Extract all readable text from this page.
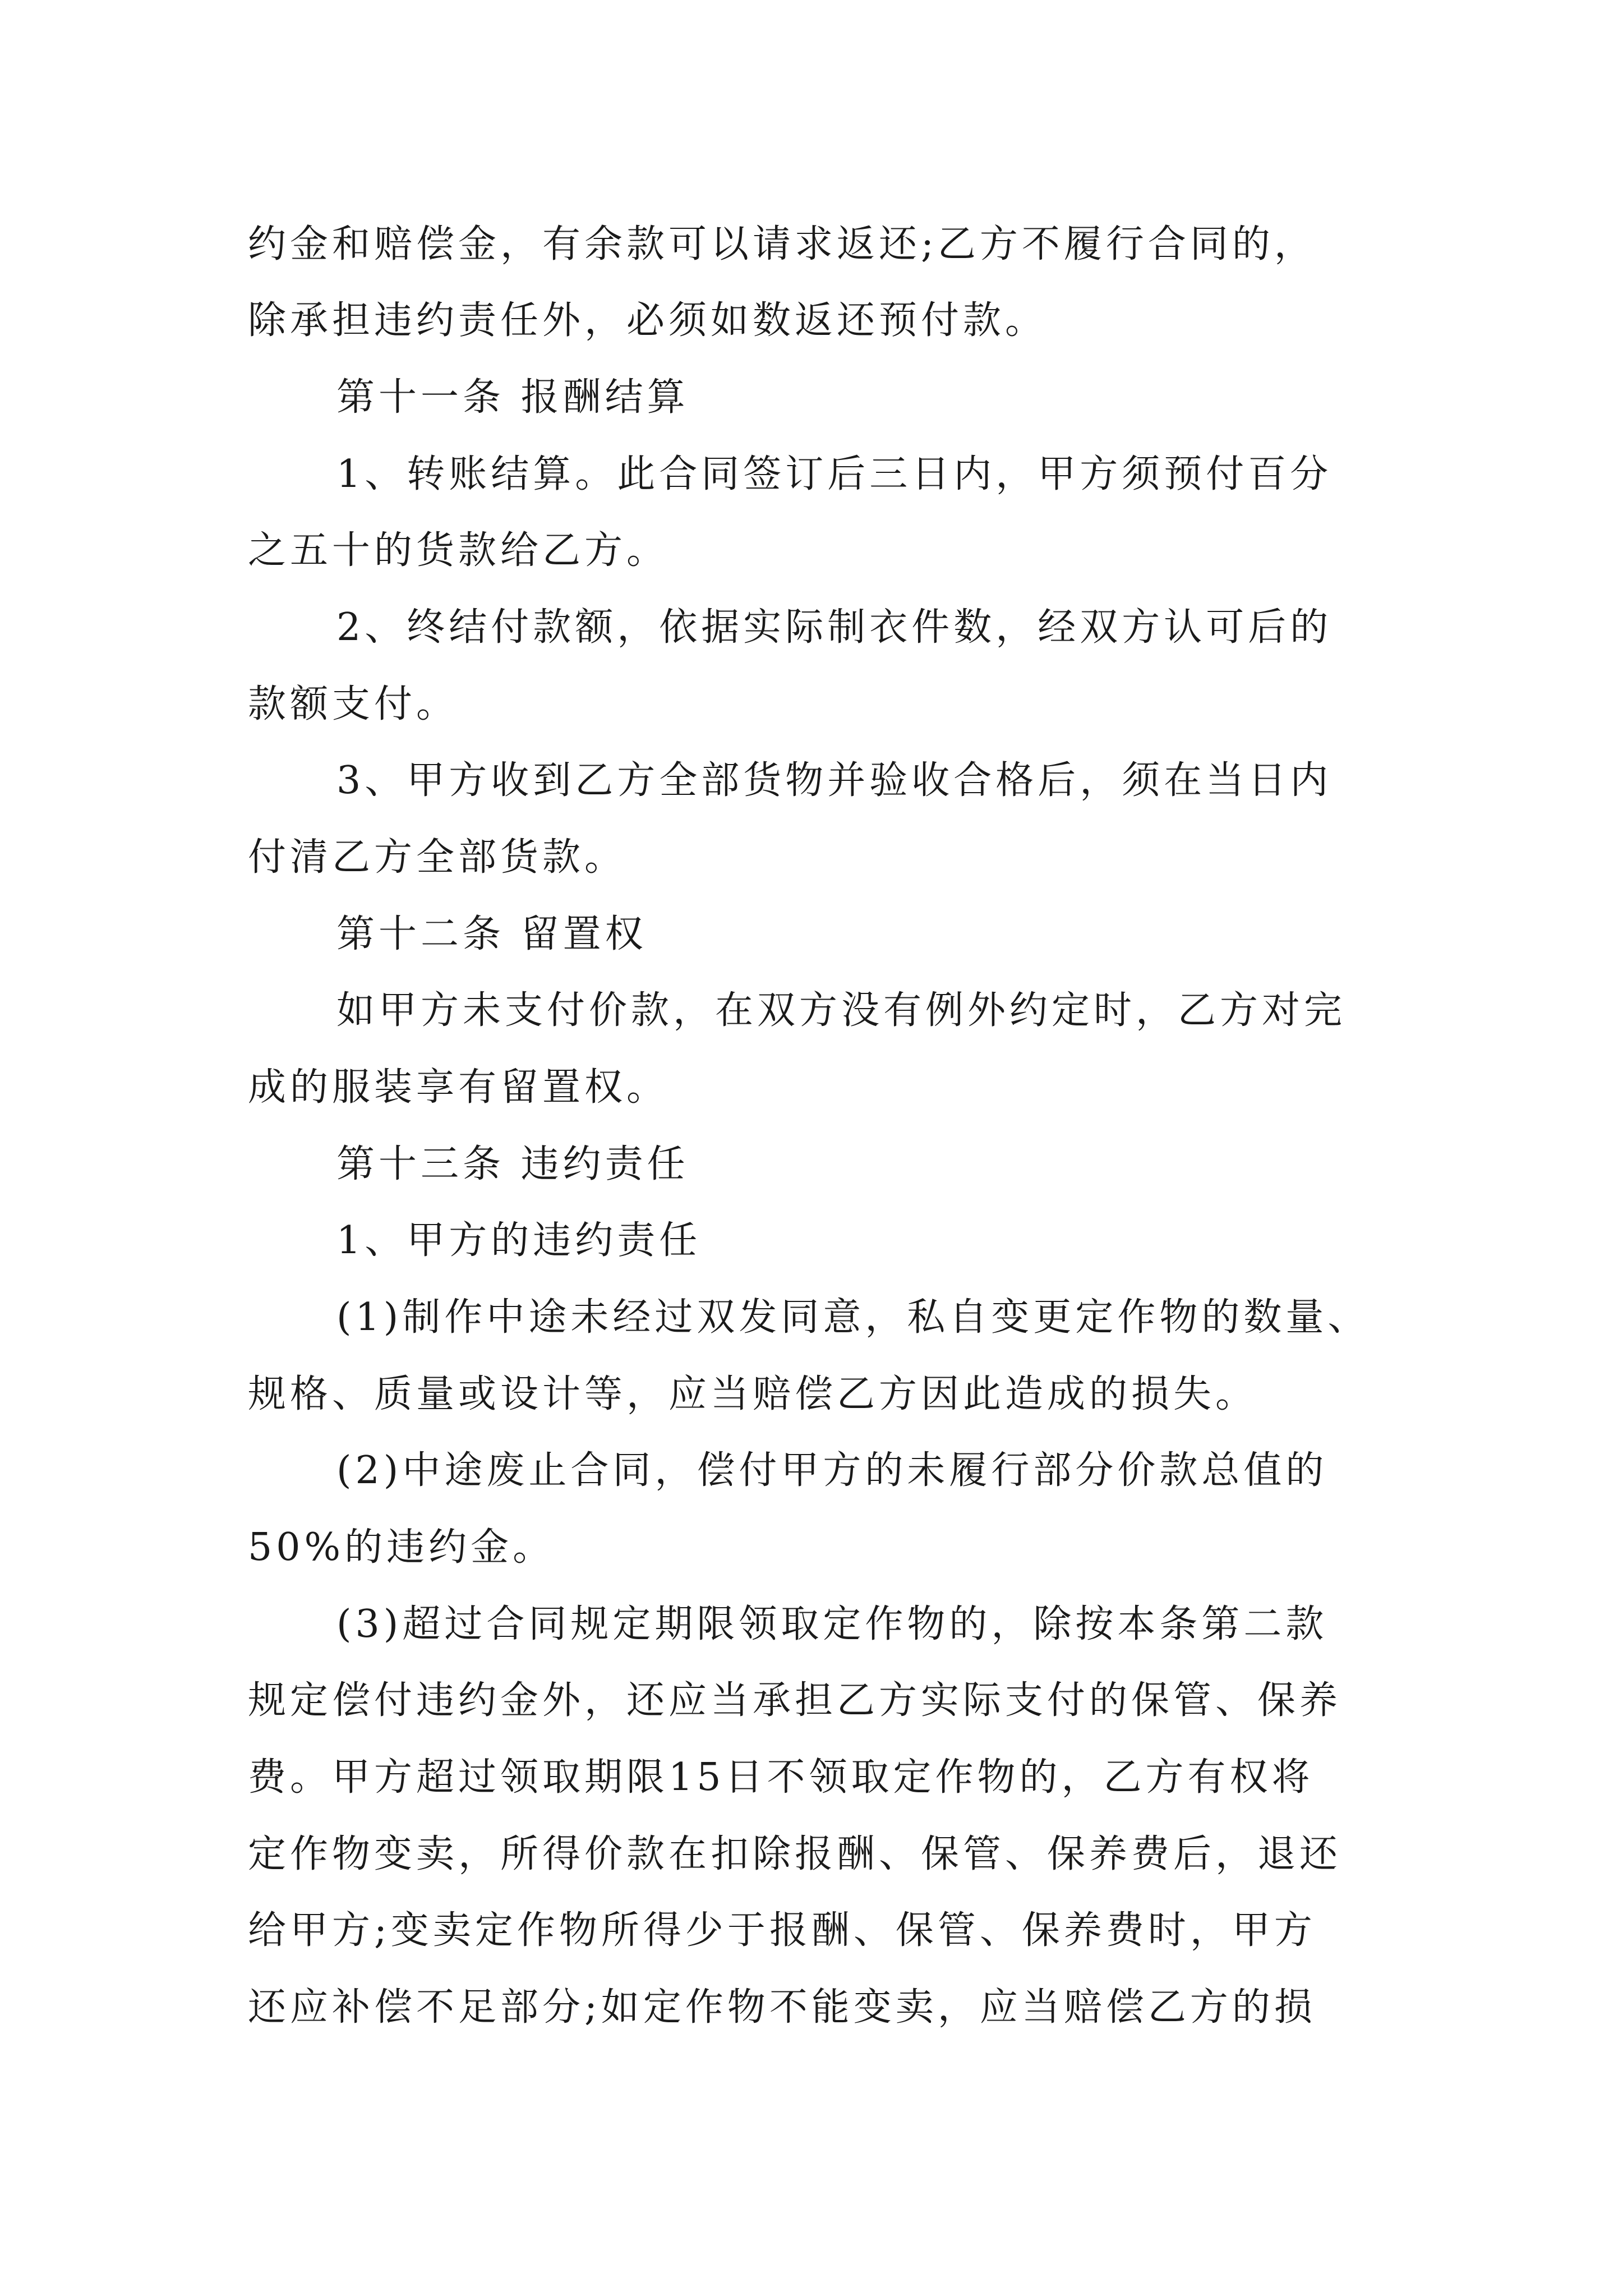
约金和赔偿金，有余款可以请求返还;乙方不履行合同的，
除承担违约责任外，必须如数返还预付款。
第十一条 报酬结算
1、转账结算。此合同签订后三日内，甲方须预付百分
之五十的货款给乙方。
2、终结付款额，依据实际制衣件数，经双方认可后的
款额支付。
3、甲方收到乙方全部货物并验收合格后，须在当日内
付清乙方全部货款。
第十二条 留置权
如甲方未支付价款，在双方没有例外约定时，乙方对完
成的服装享有留置权。
第十三条 违约责任
1、甲方的违约责任
(1)制作中途未经过双发同意，私自变更定作物的数量、
规格、质量或设计等，应当赔偿乙方因此造成的损失。
(2)中途废止合同，偿付甲方的未履行部分价款总值的
50%的违约金。
(3)超过合同规定期限领取定作物的，除按本条第二款
规定偿付违约金外，还应当承担乙方实际支付的保管、保养
费。甲方超过领取期限15日不领取定作物的，乙方有权将
定作物变卖，所得价款在扣除报酬、保管、保养费后，退还
给甲方;变卖定作物所得少于报酬、保管、保养费时，甲方
还应补偿不足部分;如定作物不能变卖，应当赔偿乙方的损
